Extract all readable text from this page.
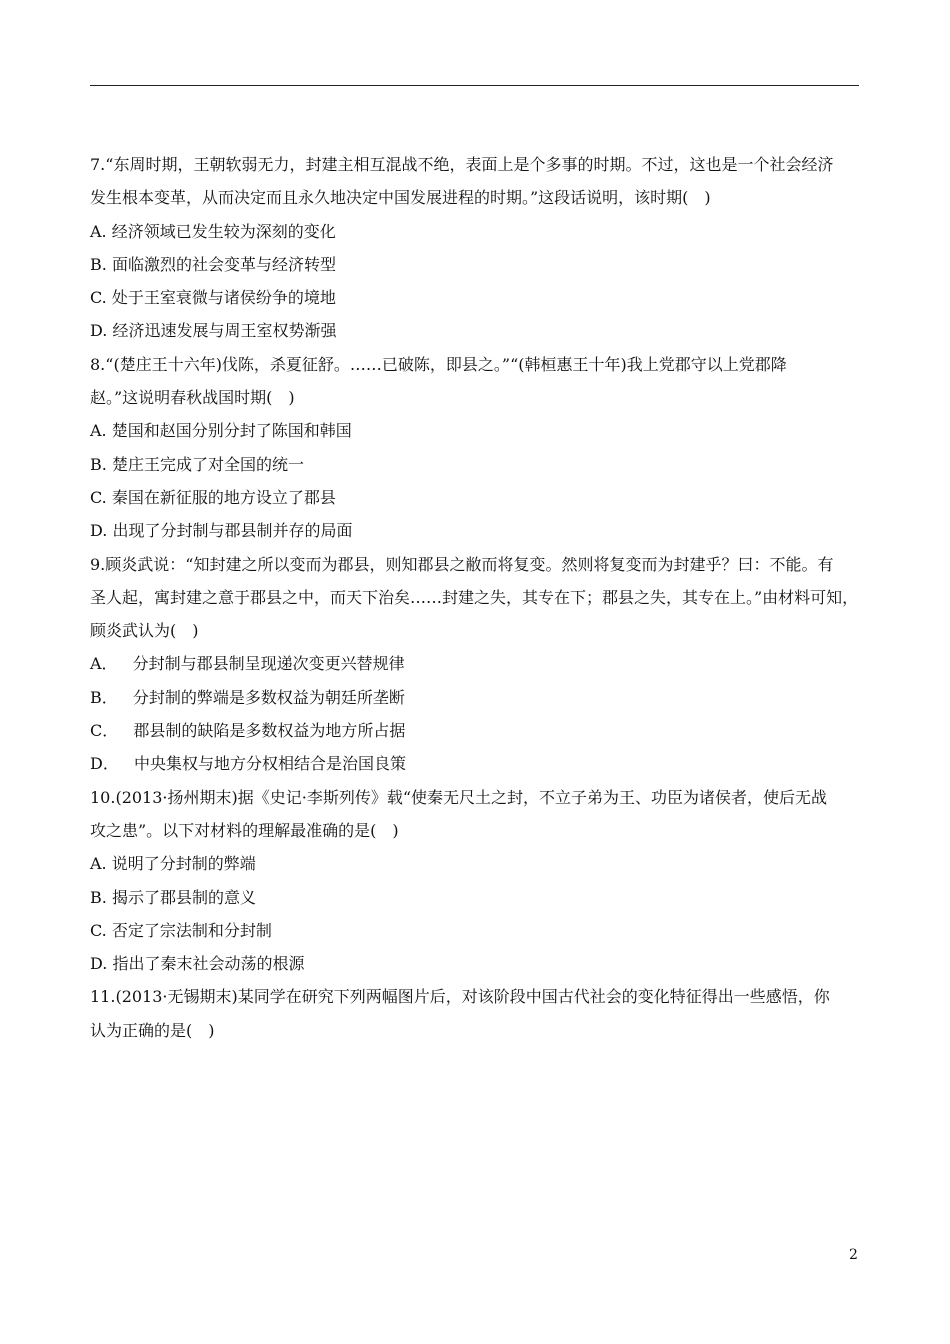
7.“东周时期，王朝软弱无力，封建主相互混战不绝，表面上是个多事的时期。不过，这也是一个社会经济
发生根本变革，从而决定而且永久地决定中国发展进程的时期。”这段话说明，该时期(　)
A. 经济领域已发生较为深刻的变化
B. 面临激烈的社会变革与经济转型
C. 处于王室衰微与诸侯纷争的境地
D. 经济迅速发展与周王室权势渐强
8.“(楚庄王十六年)伐陈，杀夏征舒。……已破陈，即县之。”“(韩桓惠王十年)我上党郡守以上党郡降
赵。”这说明春秋战国时期(　)
A. 楚国和赵国分别分封了陈国和韩国
B. 楚庄王完成了对全国的统一
C. 秦国在新征服的地方设立了郡县
D. 出现了分封制与郡县制并存的局面
9.顾炎武说：“知封建之所以变而为郡县，则知郡县之敝而将复变。然则将复变而为封建乎？曰：不能。有
圣人起，寓封建之意于郡县之中，而天下治矣……封建之失，其专在下；郡县之失，其专在上。”由材料可知，
顾炎武认为(　)
A． 分封制与郡县制呈现递次变更兴替规律
B． 分封制的弊端是多数权益为朝廷所垄断
C． 郡县制的缺陷是多数权益为地方所占据
D． 中央集权与地方分权相结合是治国良策
10.(2013·扬州期末)据《史记·李斯列传》载“使秦无尺土之封，不立子弟为王、功臣为诸侯者，使后无战
攻之患”。以下对材料的理解最准确的是(　)
A. 说明了分封制的弊端
B. 揭示了郡县制的意义
C. 否定了宗法制和分封制
D. 指出了秦末社会动荡的根源
11.(2013·无锡期末)某同学在研究下列两幅图片后，对该阶段中国古代社会的变化特征得出一些感悟，你
认为正确的是(　)
2
